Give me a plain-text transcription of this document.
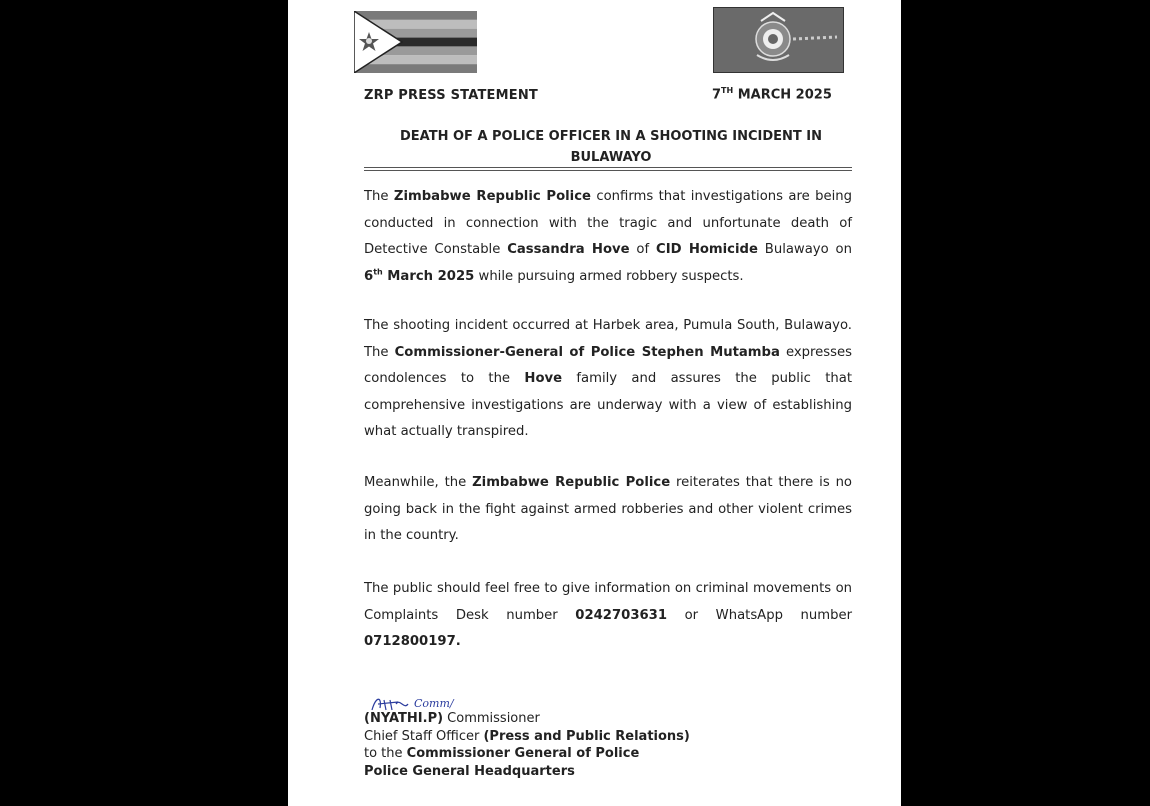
ZRP PRESS STATEMENT	7TH MARCH 2025
DEATH OF A POLICE OFFICER IN A SHOOTING INCIDENT IN BULAWAYO
The Zimbabwe Republic Police confirms that investigations are being conducted in connection with the tragic and unfortunate death of Detective Constable Cassandra Hove of CID Homicide Bulawayo on 6th March 2025 while pursuing armed robbery suspects.
The shooting incident occurred at Harbek area, Pumula South, Bulawayo. The Commissioner-General of Police Stephen Mutamba expresses condolences to the Hove family and assures the public that comprehensive investigations are underway with a view of establishing what actually transpired.
Meanwhile, the Zimbabwe Republic Police reiterates that there is no going back in the fight against armed robberies and other violent crimes in the country.
The public should feel free to give information on criminal movements on Complaints Desk number 0242703631 or WhatsApp number 0712800197.
Comm/
(NYATHI.P) Commissioner
Chief Staff Officer (Press and Public Relations)
to the Commissioner General of Police
Police General Headquarters
